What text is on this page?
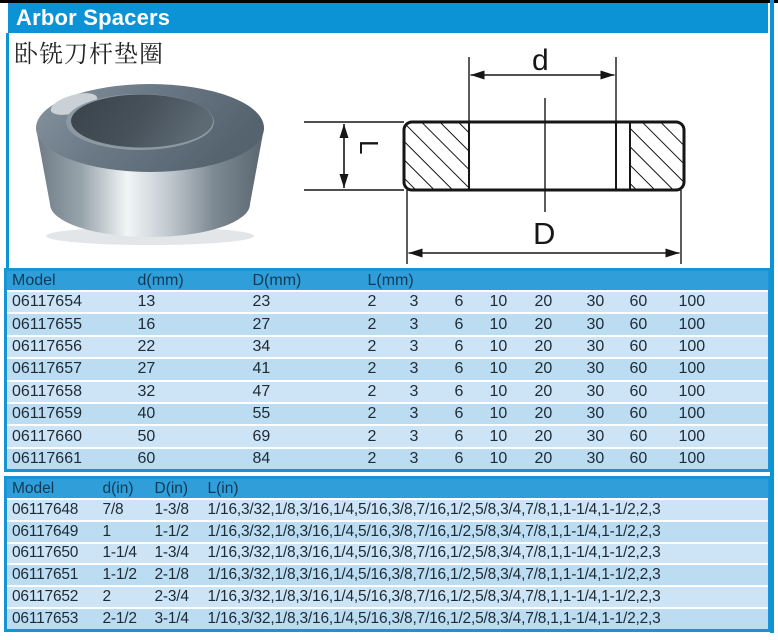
Arbor Spacers
卧铣刀杆垫圈	d
L
D
Model	d(mm)	D(mm)	L(mm)							
06117654	13	23	2	3	6	10	20	30	60	100
06117655	16	27	2	3	6	10	20	30	60	100
06117656	22	34	2	3	6	10	20	30	60	100
06117657	27	41	2	3	6	10	20	30	60	100
06117658	32	47	2	3	6	10	20	30	60	100
06117659	40	55	2	3	6	10	20	30	60	100
06117660	50	69	2	3	6	10	20	30	60	100
06117661	60	84	2	3	6	10	20	30	60	100
Model	d(in)	D(in)	L(in)
06117648	7/8	1-3/8	1/16,3/32,1/8,3/16,1/4,5/16,3/8,7/16,1/2,5/8,3/4,7/8,1,1-1/4,1-1/2,2,3
06117649	1	1-1/2	1/16,3/32,1/8,3/16,1/4,5/16,3/8,7/16,1/2,5/8,3/4,7/8,1,1-1/4,1-1/2,2,3
06117650	1-1/4	1-3/4	1/16,3/32,1/8,3/16,1/4,5/16,3/8,7/16,1/2,5/8,3/4,7/8,1,1-1/4,1-1/2,2,3
06117651	1-1/2	2-1/8	1/16,3/32,1/8,3/16,1/4,5/16,3/8,7/16,1/2,5/8,3/4,7/8,1,1-1/4,1-1/2,2,3
06117652	2	2-3/4	1/16,3/32,1/8,3/16,1/4,5/16,3/8,7/16,1/2,5/8,3/4,7/8,1,1-1/4,1-1/2,2,3
06117653	2-1/2	3-1/4	1/16,3/32,1/8,3/16,1/4,5/16,3/8,7/16,1/2,5/8,3/4,7/8,1,1-1/4,1-1/2,2,3
